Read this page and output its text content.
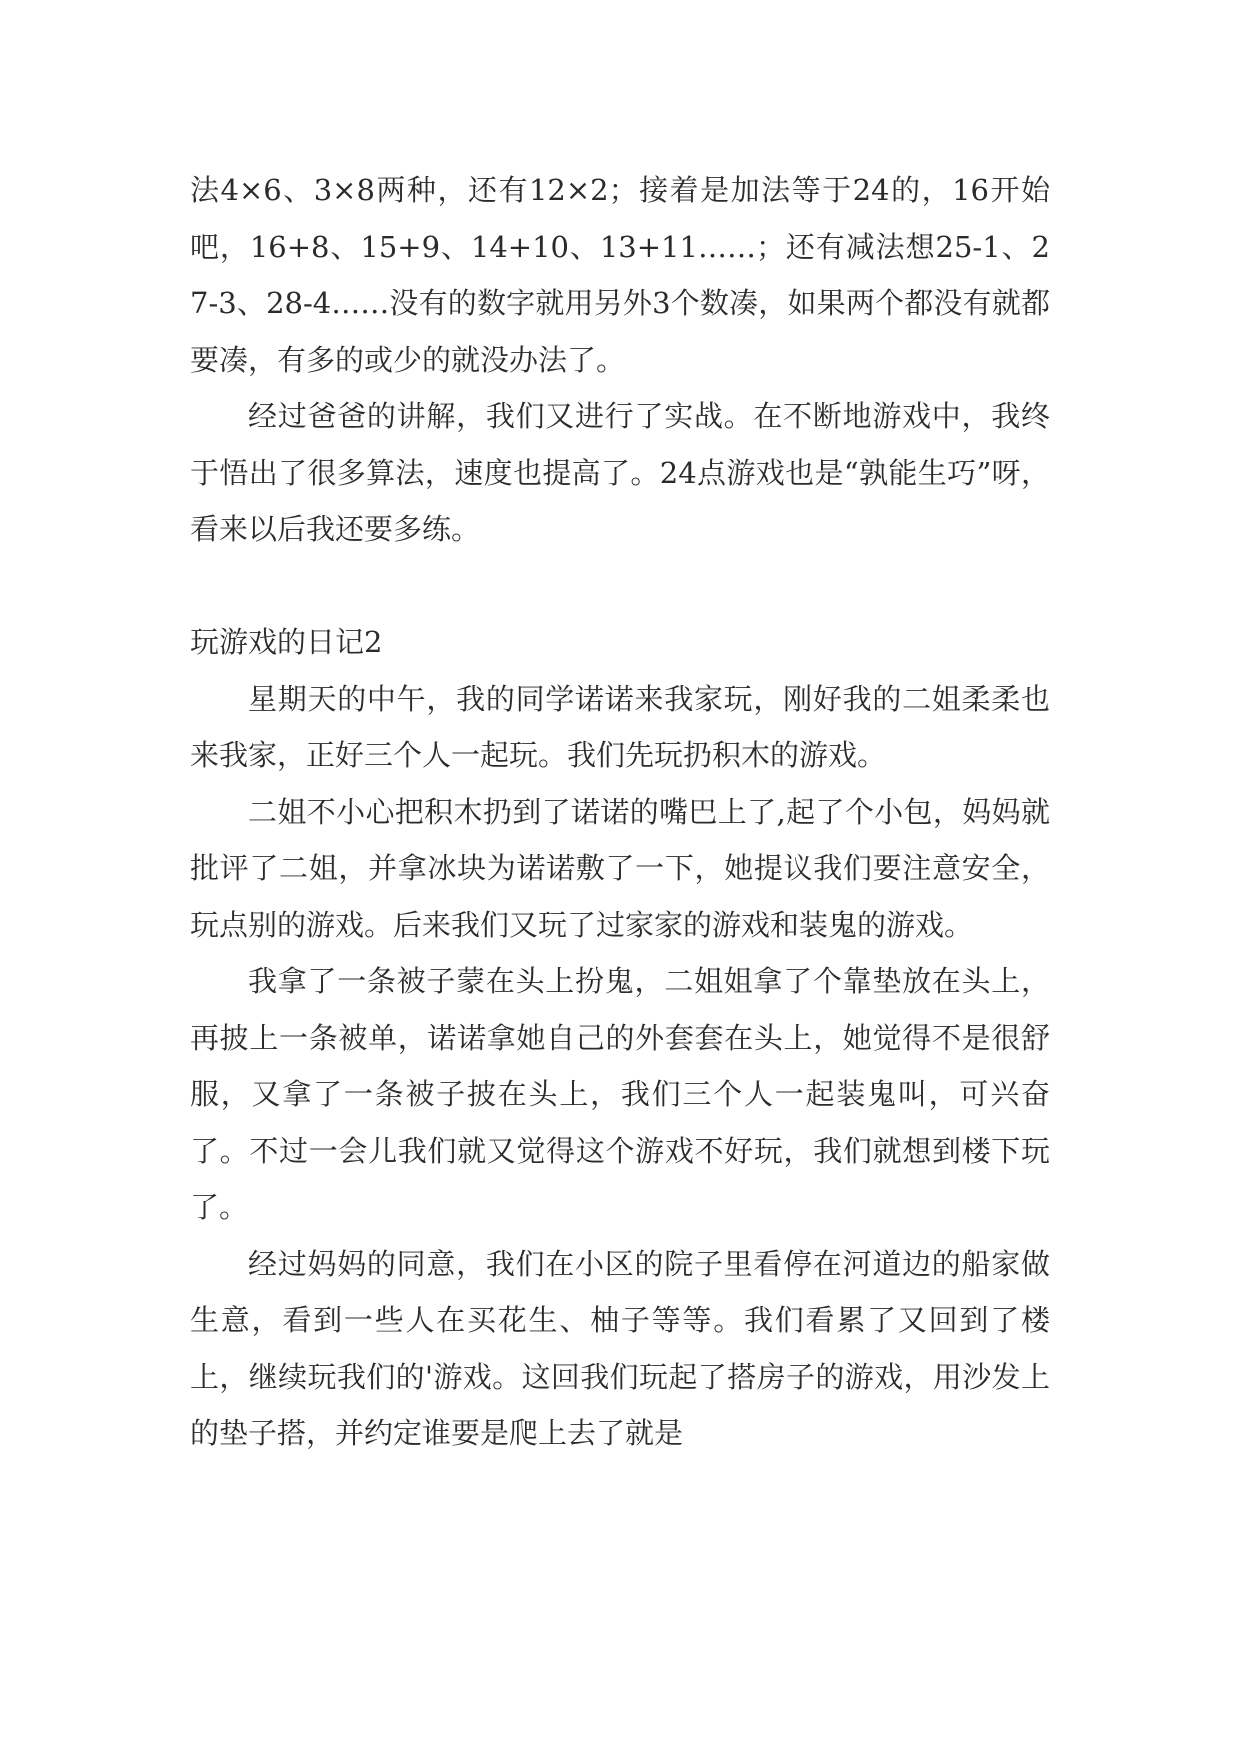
法4×6、3×8两种，还有12×2；接着是加法等于24的，16开始吧，16+8、15+9、14+10、13+11……；还有减法想25-1、27-3、28-4……没有的数字就用另外3个数凑，如果两个都没有就都要凑，有多的或少的就没办法了。

经过爸爸的讲解，我们又进行了实战。在不断地游戏中，我终于悟出了很多算法，速度也提高了。24点游戏也是“孰能生巧”呀，看来以后我还要多练。

玩游戏的日记2

星期天的中午，我的同学诺诺来我家玩，刚好我的二姐柔柔也来我家，正好三个人一起玩。我们先玩扔积木的游戏。

二姐不小心把积木扔到了诺诺的嘴巴上了,起了个小包，妈妈就批评了二姐，并拿冰块为诺诺敷了一下，她提议我们要注意安全，玩点别的游戏。后来我们又玩了过家家的游戏和装鬼的游戏。

我拿了一条被子蒙在头上扮鬼，二姐姐拿了个靠垫放在头上，再披上一条被单，诺诺拿她自己的外套套在头上，她觉得不是很舒服，又拿了一条被子披在头上，我们三个人一起装鬼叫，可兴奋了。不过一会儿我们就又觉得这个游戏不好玩，我们就想到楼下玩了。

经过妈妈的同意，我们在小区的院子里看停在河道边的船家做生意，看到一些人在买花生、柚子等等。我们看累了又回到了楼上，继续玩我们的'游戏。这回我们玩起了搭房子的游戏，用沙发上的垫子搭，并约定谁要是爬上去了就是
